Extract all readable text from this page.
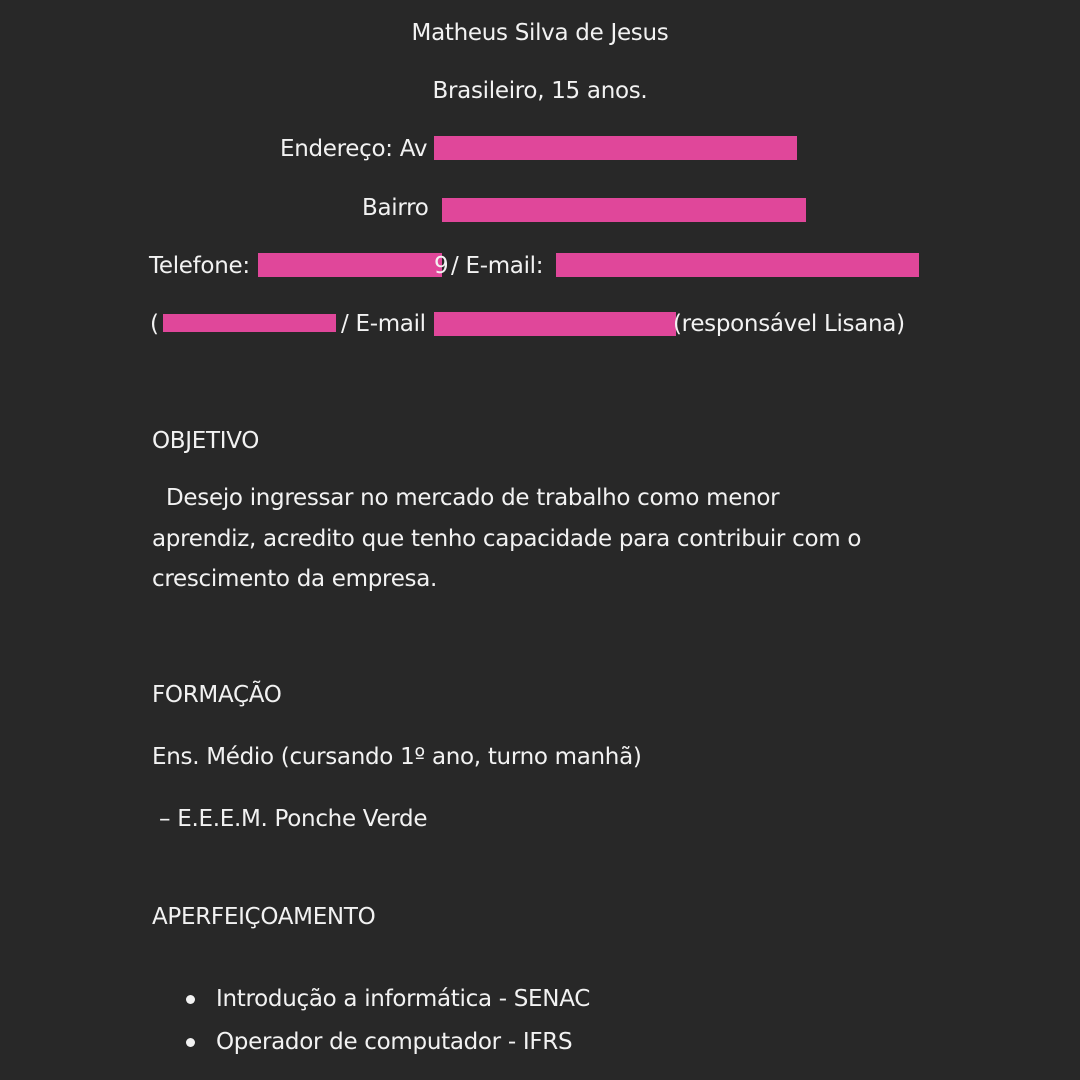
Matheus Silva de Jesus
Brasileiro, 15 anos.
Endereço: Av
Bairro
Telefone:	9 / E-mail:
(	/ E-mail	(responsável Lisana)
OBJETIVO
Desejo ingressar no mercado de trabalho como menor
aprendiz, acredito que tenho capacidade para contribuir com o
crescimento da empresa.
FORMAÇÃO
Ens. Médio (cursando 1º ano, turno manhã)
– E.E.E.M. Ponche Verde
APERFEIÇOAMENTO
Introdução a informática - SENAC
Operador de computador - IFRS
